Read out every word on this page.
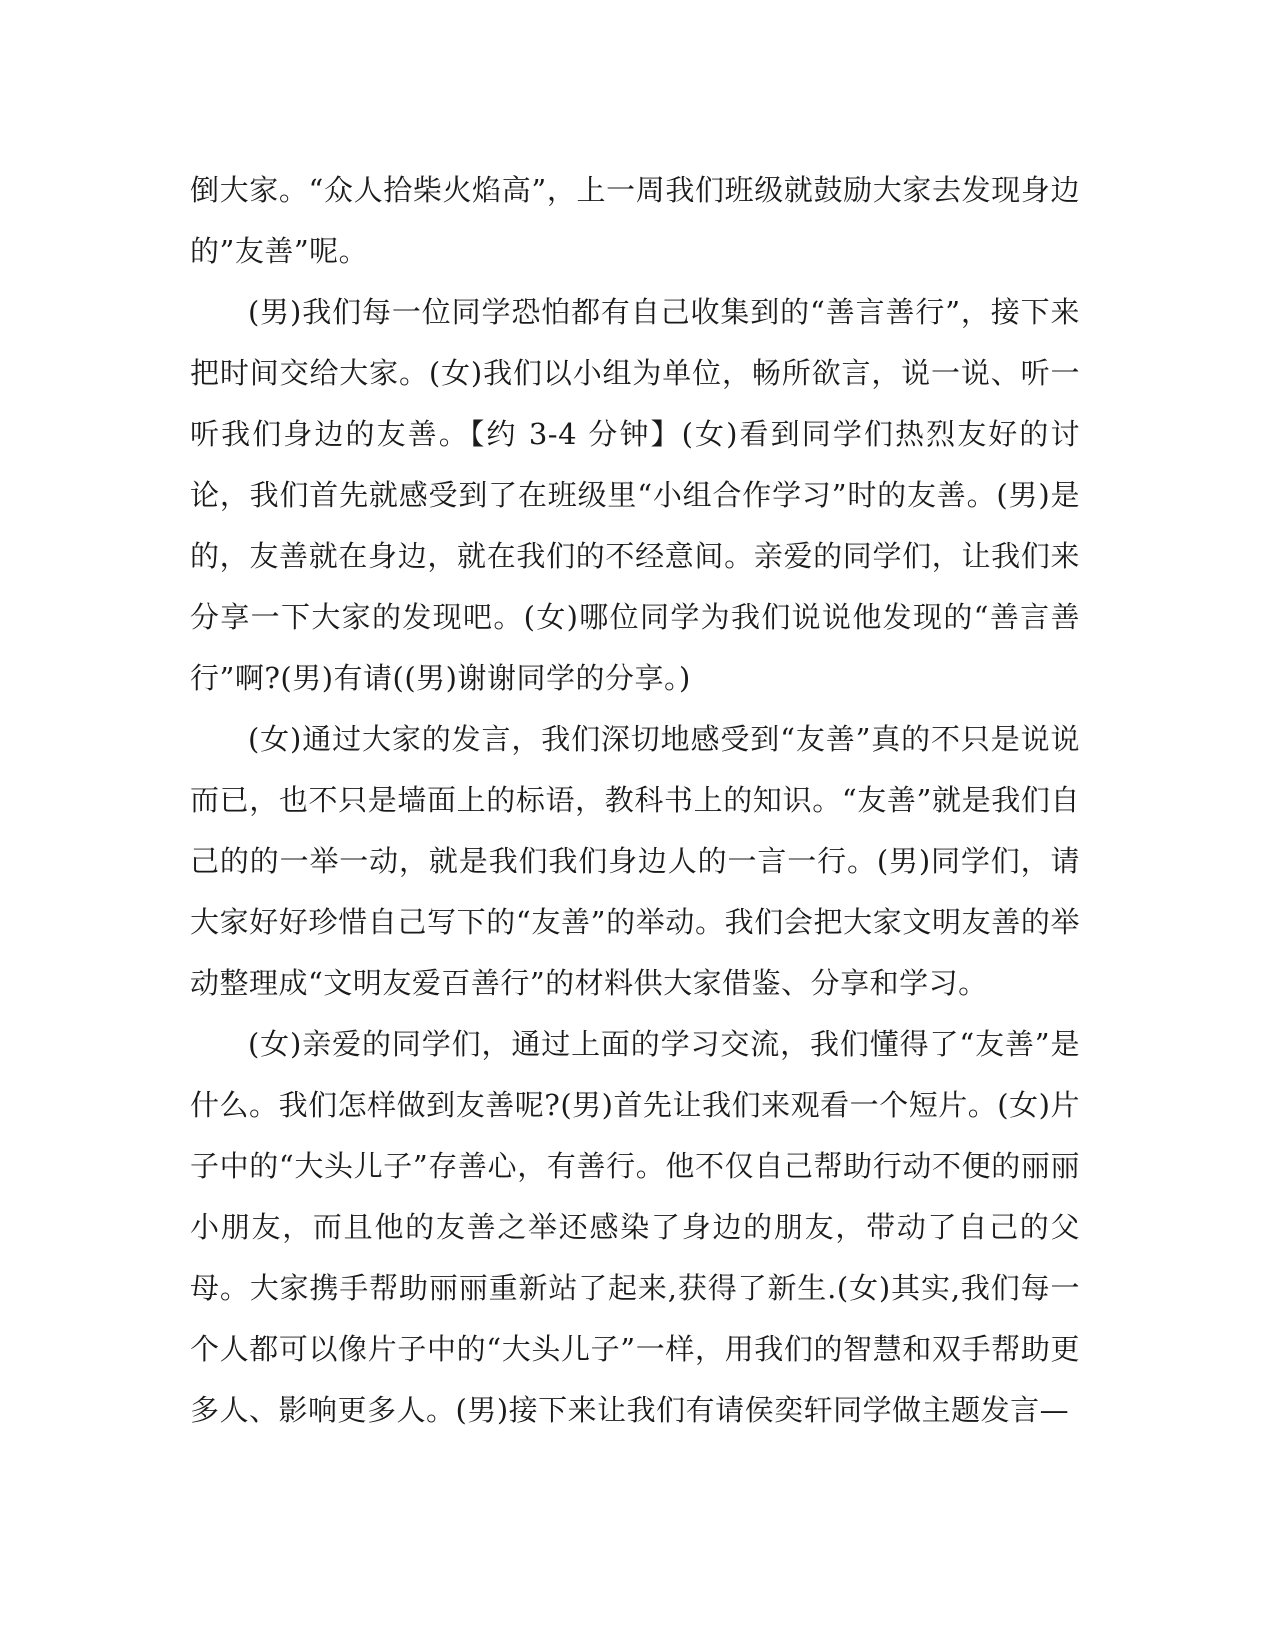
倒大家。“众人拾柴火焰高”，上一周我们班级就鼓励大家去发现身边的”友善”呢。

(男)我们每一位同学恐怕都有自己收集到的“善言善行”，接下来把时间交给大家。(女)我们以小组为单位，畅所欲言，说一说、听一听我们身边的友善。【约 3-4 分钟】(女)看到同学们热烈友好的讨论，我们首先就感受到了在班级里“小组合作学习”时的友善。(男)是的，友善就在身边，就在我们的不经意间。亲爱的同学们，让我们来分享一下大家的发现吧。(女)哪位同学为我们说说他发现的“善言善行”啊?(男)有请((男)谢谢同学的分享。)

(女)通过大家的发言，我们深切地感受到“友善”真的不只是说说而已，也不只是墙面上的标语，教科书上的知识。“友善”就是我们自己的的一举一动，就是我们我们身边人的一言一行。(男)同学们，请大家好好珍惜自己写下的“友善”的举动。我们会把大家文明友善的举动整理成“文明友爱百善行”的材料供大家借鉴、分享和学习。

(女)亲爱的同学们，通过上面的学习交流，我们懂得了“友善”是什么。我们怎样做到友善呢?(男)首先让我们来观看一个短片。(女)片子中的“大头儿子”存善心，有善行。他不仅自己帮助行动不便的丽丽小朋友，而且他的友善之举还感染了身边的朋友，带动了自己的父母。大家携手帮助丽丽重新站了起来,获得了新生.(女)其实,我们每一个人都可以像片子中的“大头儿子”一样，用我们的智慧和双手帮助更多人、影响更多人。(男)接下来让我们有请侯奕轩同学做主题发言—
